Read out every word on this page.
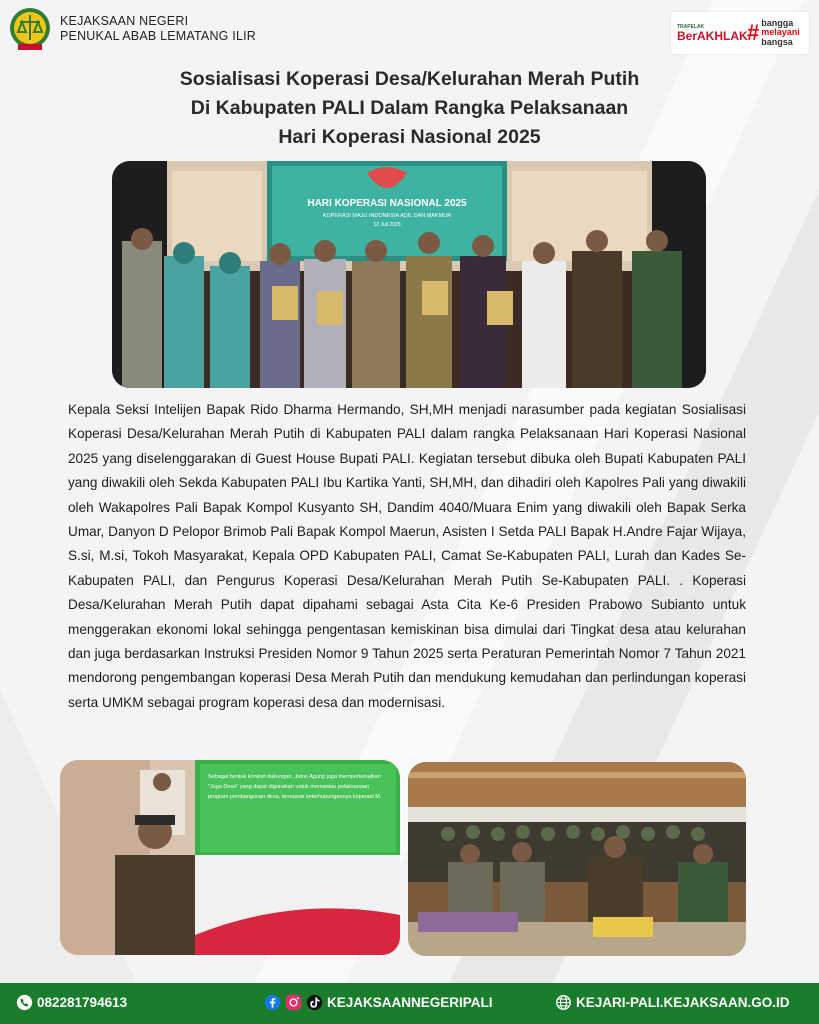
KEJAKSAAN NEGERI
PENUKAL ABAB LEMATANG ILIR
TRAPELAK
BerAKHLAK # bangga
melayani
bangsa
Sosialisasi Koperasi Desa/Kelurahan Merah Putih
Di Kabupaten PALI Dalam Rangka Pelaksanaan
Hari Koperasi Nasional 2025
HARI KOPERASI NASIONAL 2025
KOPERASI MAJU INDONESIA ADIL DAN MAKMUR
12 Juli 2025
Kepala Seksi Intelijen Bapak Rido Dharma Hermando, SH,MH menjadi narasumber pada kegiatan Sosialisasi Koperasi Desa/Kelurahan Merah Putih di Kabupaten PALI dalam rangka Pelaksanaan Hari Koperasi Nasional 2025 yang diselenggarakan di Guest House Bupati PALI. Kegiatan tersebut dibuka oleh Bupati Kabupaten PALI yang diwakili oleh Sekda Kabupaten PALI Ibu Kartika Yanti, SH,MH, dan dihadiri oleh Kapolres Pali yang diwakili oleh Wakapolres Pali Bapak Kompol Kusyanto SH, Dandim 4040/Muara Enim yang diwakili oleh Bapak Serka Umar, Danyon D Pelopor Brimob Pali Bapak Kompol Maerun, Asisten I Setda PALI Bapak H.Andre Fajar Wijaya, S.si, M.si, Tokoh Masyarakat, Kepala OPD Kabupaten PALI, Camat Se-Kabupaten PALI, Lurah dan Kades Se-Kabupaten PALI, dan Pengurus Koperasi Desa/Kelurahan Merah Putih Se-Kabupaten PALI. . Koperasi Desa/Kelurahan Merah Putih dapat dipahami sebagai Asta Cita Ke-6 Presiden Prabowo Subianto untuk menggerakan ekonomi lokal sehingga pengentasan kemiskinan bisa dimulai dari Tingkat desa atau kelurahan dan juga berdasarkan Instruksi Presiden Nomor 9 Tahun 2025 serta Peraturan Pemerintah Nomor 7 Tahun 2021 mendorong pengembangan koperasi Desa Merah Putih dan mendukung kemudahan dan perlindungan koperasi serta UMKM sebagai program koperasi desa dan modernisasi.
Sebagai bentuk konkret dukungan, Jatno Agung juga memperkenalkan
"Juga Desa" yang dapat digunakan untuk memantau pelaksanaan
program pembangunan desa, termasuk keterhubungannya koperasi M.
082281794613	KEJAKSAANNEGERIPALI	KEJARI-PALI.KEJAKSAAN.GO.ID
